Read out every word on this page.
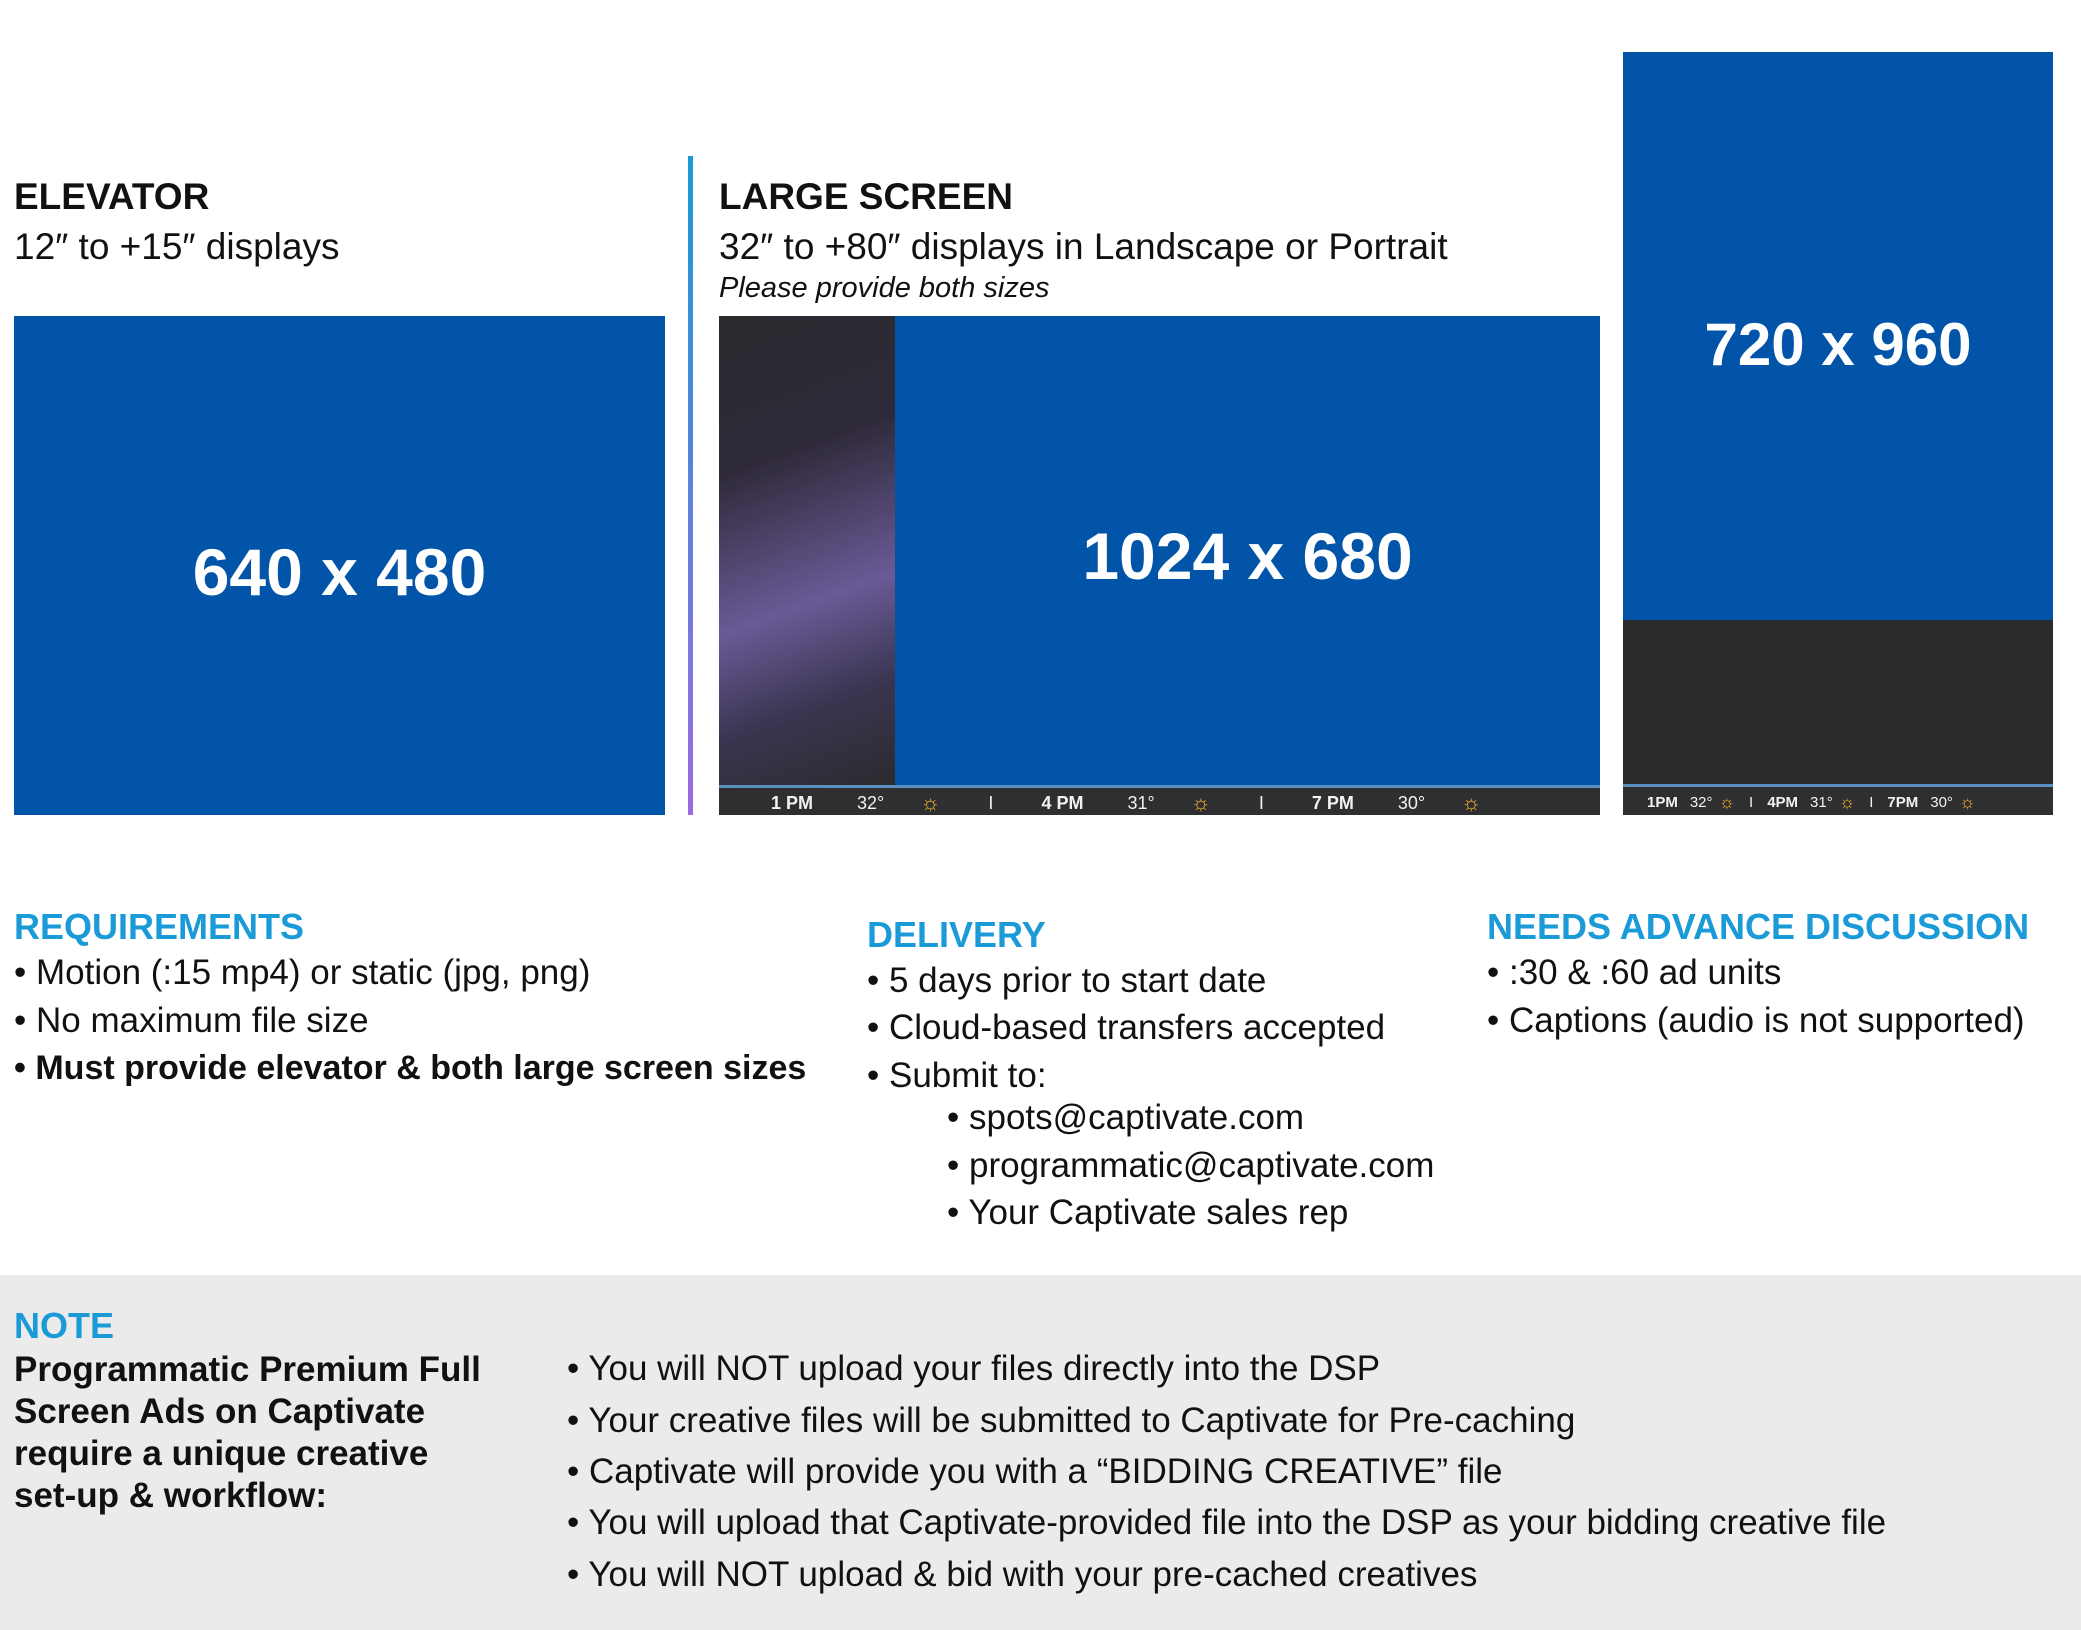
ELEVATOR
12″ to +15″ displays
640 x 480
LARGE SCREEN
32″ to +80″ displays in Landscape or Portrait
Please provide both sizes
1024 x 680
1 PM 32° ☼	I	4 PM 31° ☼	I	7 PM 30° ☼
720 x 960
1PM 32° ☼ I 4PM 31° ☼ I 7PM 30° ☼
REQUIREMENTS
• Motion (:15 mp4) or static (jpg, png)
• No maximum file size
• Must provide elevator & both large screen sizes
DELIVERY
• 5 days prior to start date
• Cloud-based transfers accepted
• Submit to:
• spots@captivate.com
• programmatic@captivate.com
• Your Captivate sales rep
NEEDS ADVANCE DISCUSSION
• :30 & :60 ad units
• Captions (audio is not supported)
NOTE
Programmatic Premium Full Screen Ads on Captivate require a unique creative set-up & workflow:
• You will NOT upload your files directly into the DSP
• Your creative files will be submitted to Captivate for Pre-caching
• Captivate will provide you with a “BIDDING CREATIVE” file
• You will upload that Captivate-provided file into the DSP as your bidding creative file
• You will NOT upload & bid with your pre-cached creatives
